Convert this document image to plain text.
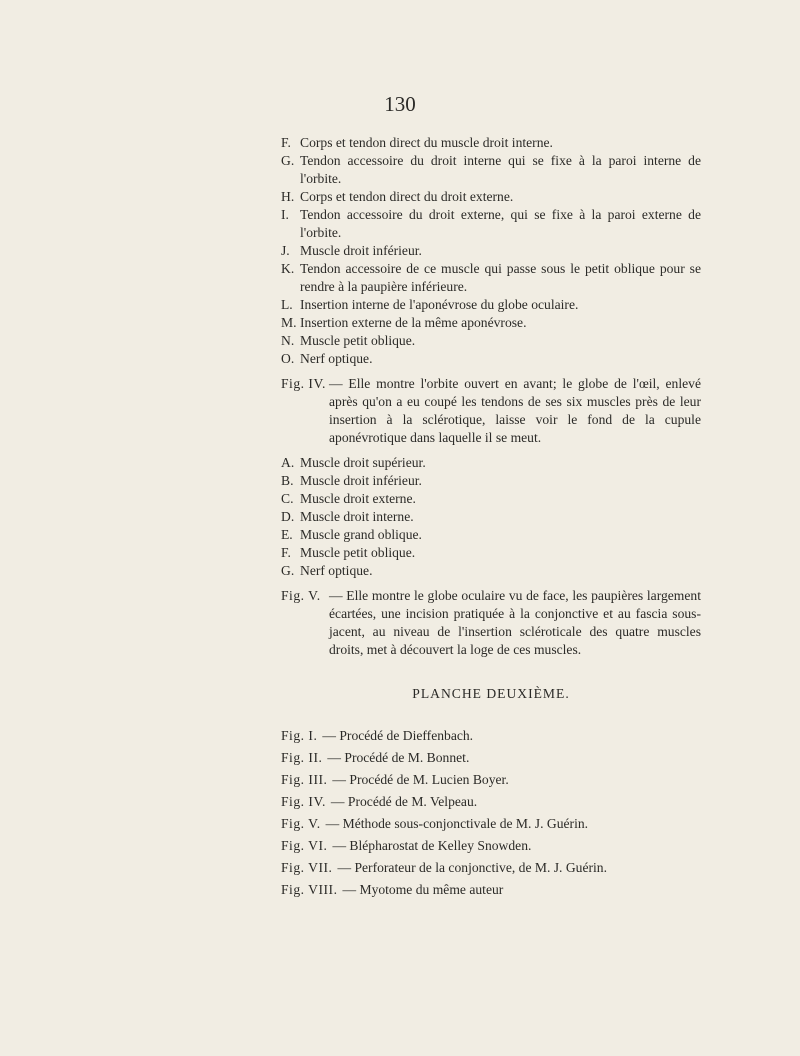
130
F. Corps et tendon direct du muscle droit interne.
G. Tendon accessoire du droit interne qui se fixe à la paroi interne de l'orbite.
H. Corps et tendon direct du droit externe.
I. Tendon accessoire du droit externe, qui se fixe à la paroi externe de l'orbite.
J. Muscle droit inférieur.
K. Tendon accessoire de ce muscle qui passe sous le petit oblique pour se rendre à la paupière inférieure.
L. Insertion interne de l'aponévrose du globe oculaire.
M. Insertion externe de la même aponévrose.
N. Muscle petit oblique.
O. Nerf optique.
Fig. IV. — Elle montre l'orbite ouvert en avant; le globe de l'œil, enlevé après qu'on a eu coupé les tendons de ses six muscles près de leur insertion à la sclérotique, laisse voir le fond de la cupule aponévrotique dans laquelle il se meut.
A. Muscle droit supérieur.
B. Muscle droit inférieur.
C. Muscle droit externe.
D. Muscle droit interne.
E. Muscle grand oblique.
F. Muscle petit oblique.
G. Nerf optique.
Fig. V. — Elle montre le globe oculaire vu de face, les paupières largement écartées, une incision pratiquée à la conjonctive et au fascia sous-jacent, au niveau de l'insertion scléroticale des quatre muscles droits, met à découvert la loge de ces muscles.
PLANCHE DEUXIÈME.
Fig. I. — Procédé de Dieffenbach.
Fig. II. — Procédé de M. Bonnet.
Fig. III. — Procédé de M. Lucien Boyer.
Fig. IV. — Procédé de M. Velpeau.
Fig. V. — Méthode sous-conjonctivale de M. J. Guérin.
Fig. VI. — Blépharostat de Kelley Snowden.
Fig. VII. — Perforateur de la conjonctive, de M. J. Guérin.
Fig. VIII. — Myotome du même auteur
